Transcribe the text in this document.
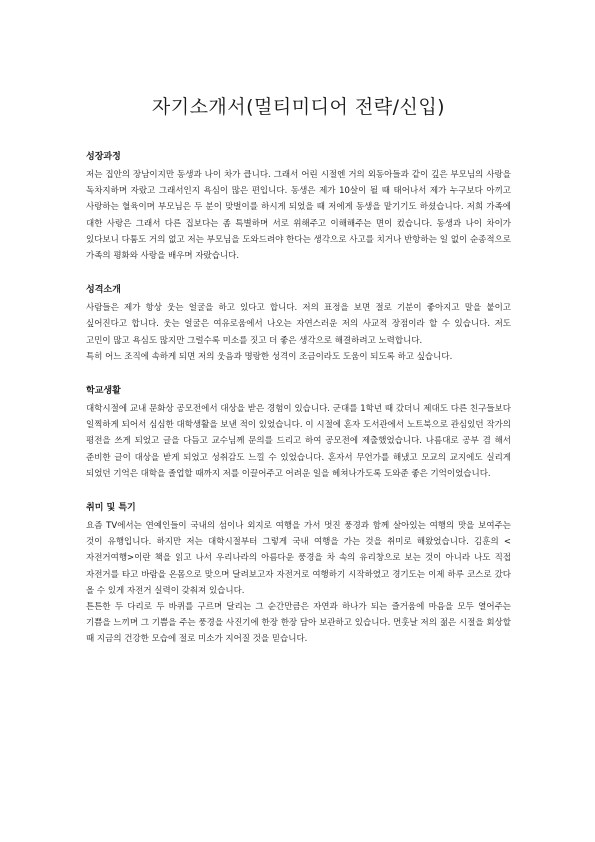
자기소개서(멀티미디어 전략/신입)
성장과정

저는 집안의 장남이지만 동생과 나이 차가 큽니다. 그래서 어린 시절엔 거의 외동아들과 같이 깊은 부모님의 사랑을 독차지하며 자랐고 그래서인지 욕심이 많은 편입니다. 동생은 제가 10살이 될 때 태어나서 제가 누구보다 아끼고 사랑하는 혈육이며 부모님은 두 분이 맞벌이를 하시게 되었을 때 저에게 동생을 맡기기도 하셨습니다. 저희 가족에 대한 사랑은 그래서 다른 집보다는 좀 특별하며 서로 위해주고 이해해주는 면이 컸습니다. 동생과 나이 차이가 있다보니 다툼도 거의 없고 저는 부모님을 도와드려야 한다는 생각으로 사고를 치거나 반항하는 일 없이 순종적으로 가족의 평화와 사랑을 배우며 자랐습니다.

성격소개

사람들은 제가 항상 웃는 얼굴을 하고 있다고 합니다. 저의 표정을 보면 절로 기분이 좋아지고 말을 붙이고 싶어진다고 합니다. 웃는 얼굴은 여유로움에서 나오는 자연스러운 저의 사교적 장점이라 할 수 있습니다. 저도 고민이 많고 욕심도 많지만 그럴수록 미소를 짓고 더 좋은 생각으로 해결하려고 노력합니다.

특히 어느 조직에 속하게 되면 저의 웃음과 명랑한 성격이 조금이라도 도움이 되도록 하고 싶습니다.

학교생활

대학시절에 교내 문화상 공모전에서 대상을 받은 경험이 있습니다. 군대를 1학년 때 갔더니 제대도 다른 친구들보다 일찍하게 되어서 심심한 대학생활을 보낸 적이 있었습니다. 이 시절에 혼자 도서관에서 노트북으로 관심있던 작가의 평전을 쓰게 되었고 글을 다듬고 교수님께 문의를 드리고 하여 공모전에 제출했었습니다. 나름대로 공부 겸 해서 준비한 글이 대상을 받게 되었고 성취감도 느낄 수 있었습니다. 혼자서 무언가를 해냈고 모교의 교지에도 실리게 되었던 기억은 대학을 졸업할 때까지 저를 이끌어주고 어려운 일을 헤쳐나가도록 도와준 좋은 기억이었습니다.

취미 및 특기

요즘 TV에서는 연예인들이 국내의 섬이나 외지로 여행을 가서 멋진 풍경과 함께 살아있는 여행의 맛을 보여주는 것이 유행입니다. 하지만 저는 대학시절부터 그렇게 국내 여행을 가는 것을 취미로 해왔었습니다. 김훈의 <자전거여행>이란 책을 읽고 나서 우리나라의 아름다운 풍경을 차 속의 유리창으로 보는 것이 아니라 나도 직접 자전거를 타고 바람을 온몸으로 맞으며 달려보고자 자전거로 여행하기 시작하였고 경기도는 이제 하루 코스로 갔다 올 수 있게 자전거 실력이 갖춰져 있습니다.

튼튼한 두 다리로 두 바퀴를 구르며 달리는 그 순간만큼은 자연과 하나가 되는 즐거움에 마음을 모두 열어주는 기쁨을 느끼며 그 기쁨을 주는 풍경을 사진기에 한장 한장 담아 보관하고 있습니다. 먼훗날 저의 젊은 시절을 회상할 때 지금의 건강한 모습에 절로 미소가 지어질 것을 믿습니다.
